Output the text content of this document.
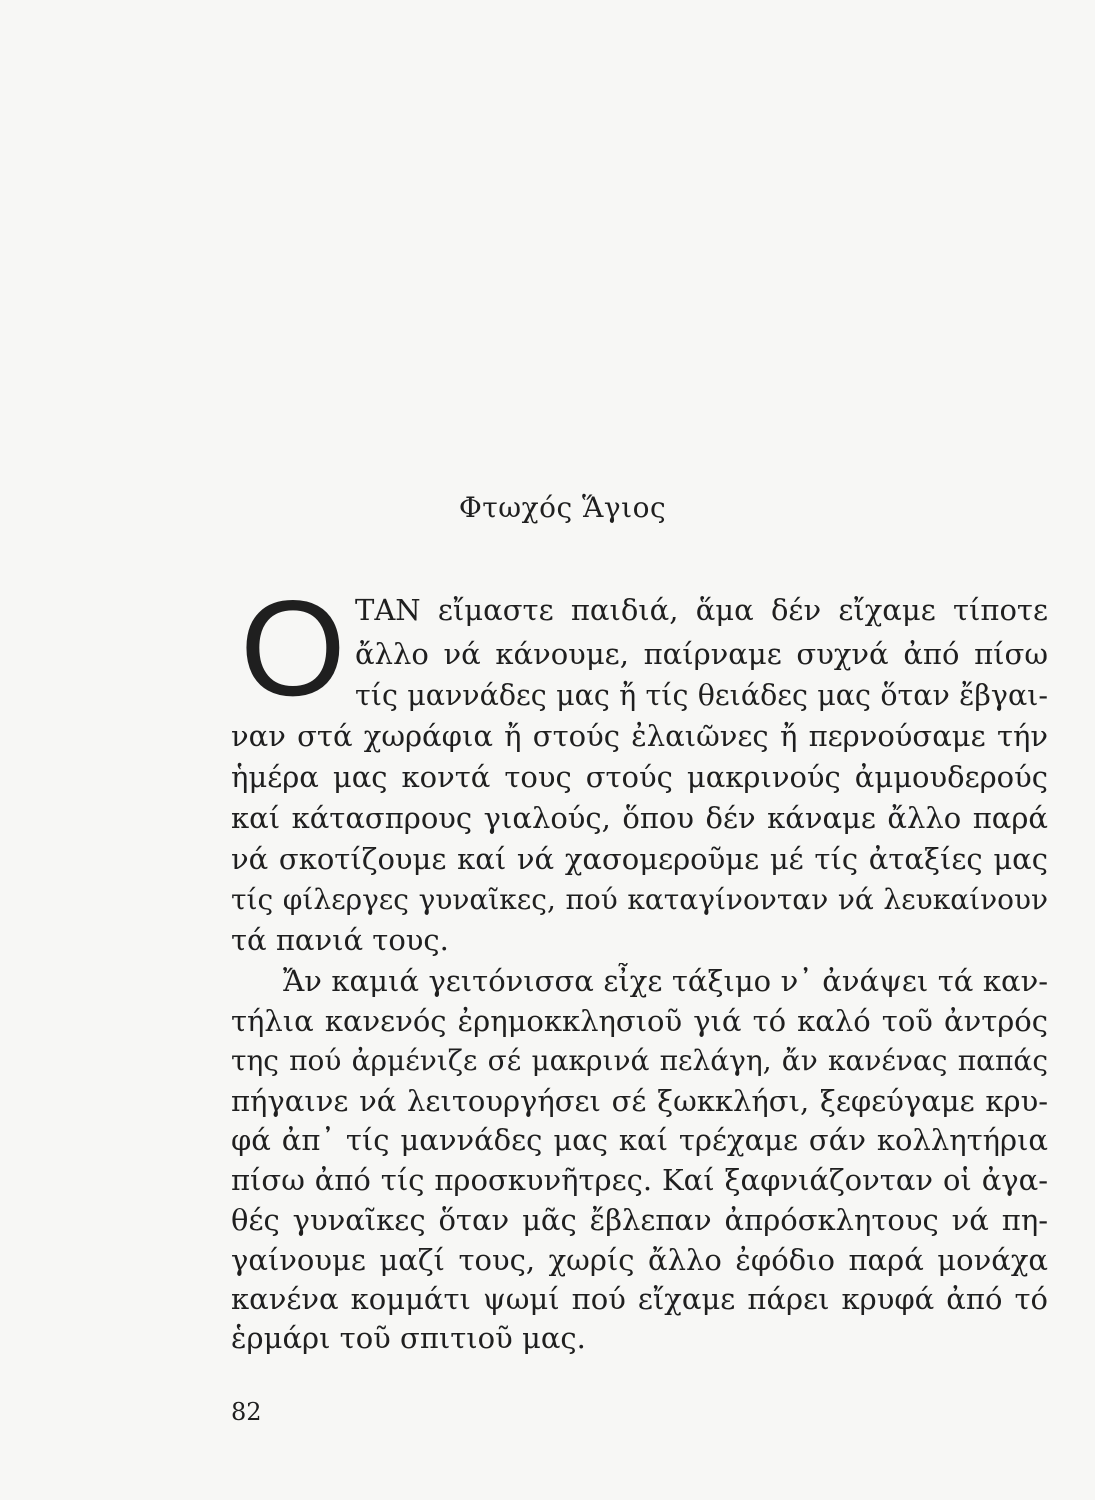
Φτωχός Ἅγιος
O ΤΑΝ εἴμαστε παιδιά, ἅμα δέν εἴχαμε τίποτε
ἄλλο νά κάνουμε, παίρναμε συχνά ἀπό πίσω
τίς μαννάδες μας ἤ τίς θειάδες μας ὅταν ἔβγαι-
ναν στά χωράφια ἤ στούς ἐλαιῶνες ἤ περνούσαμε τήν
ἡμέρα μας κοντά τους στούς μακρινούς ἀμμουδερούς
καί κάτασπρους γιαλούς, ὅπου δέν κάναμε ἄλλο παρά
νά σκοτίζουμε καί νά χασομεροῦμε μέ τίς ἀταξίες μας
τίς φίλεργες γυναῖκες, πού καταγίνονταν νά λευκαίνουν
τά πανιά τους.
Ἄν καμιά γειτόνισσα εἶχε τάξιμο ν᾿ ἀνάψει τά καν-
τήλια κανενός ἐρημοκκλησιοῦ γιά τό καλό τοῦ ἀντρός
της πού ἀρμένιζε σέ μακρινά πελάγη, ἄν κανένας παπάς
πήγαινε νά λειτουργήσει σέ ξωκκλήσι, ξεφεύγαμε κρυ-
φά ἀπ᾿ τίς μαννάδες μας καί τρέχαμε σάν κολλητήρια
πίσω ἀπό τίς προσκυνῆτρες. Καί ξαφνιάζονταν οἱ ἀγα-
θές γυναῖκες ὅταν μᾶς ἔβλεπαν ἀπρόσκλητους νά πη-
γαίνουμε μαζί τους, χωρίς ἄλλο ἐφόδιο παρά μονάχα
κανένα κομμάτι ψωμί πού εἴχαμε πάρει κρυφά ἀπό τό
ἑρμάρι τοῦ σπιτιοῦ μας.
82
